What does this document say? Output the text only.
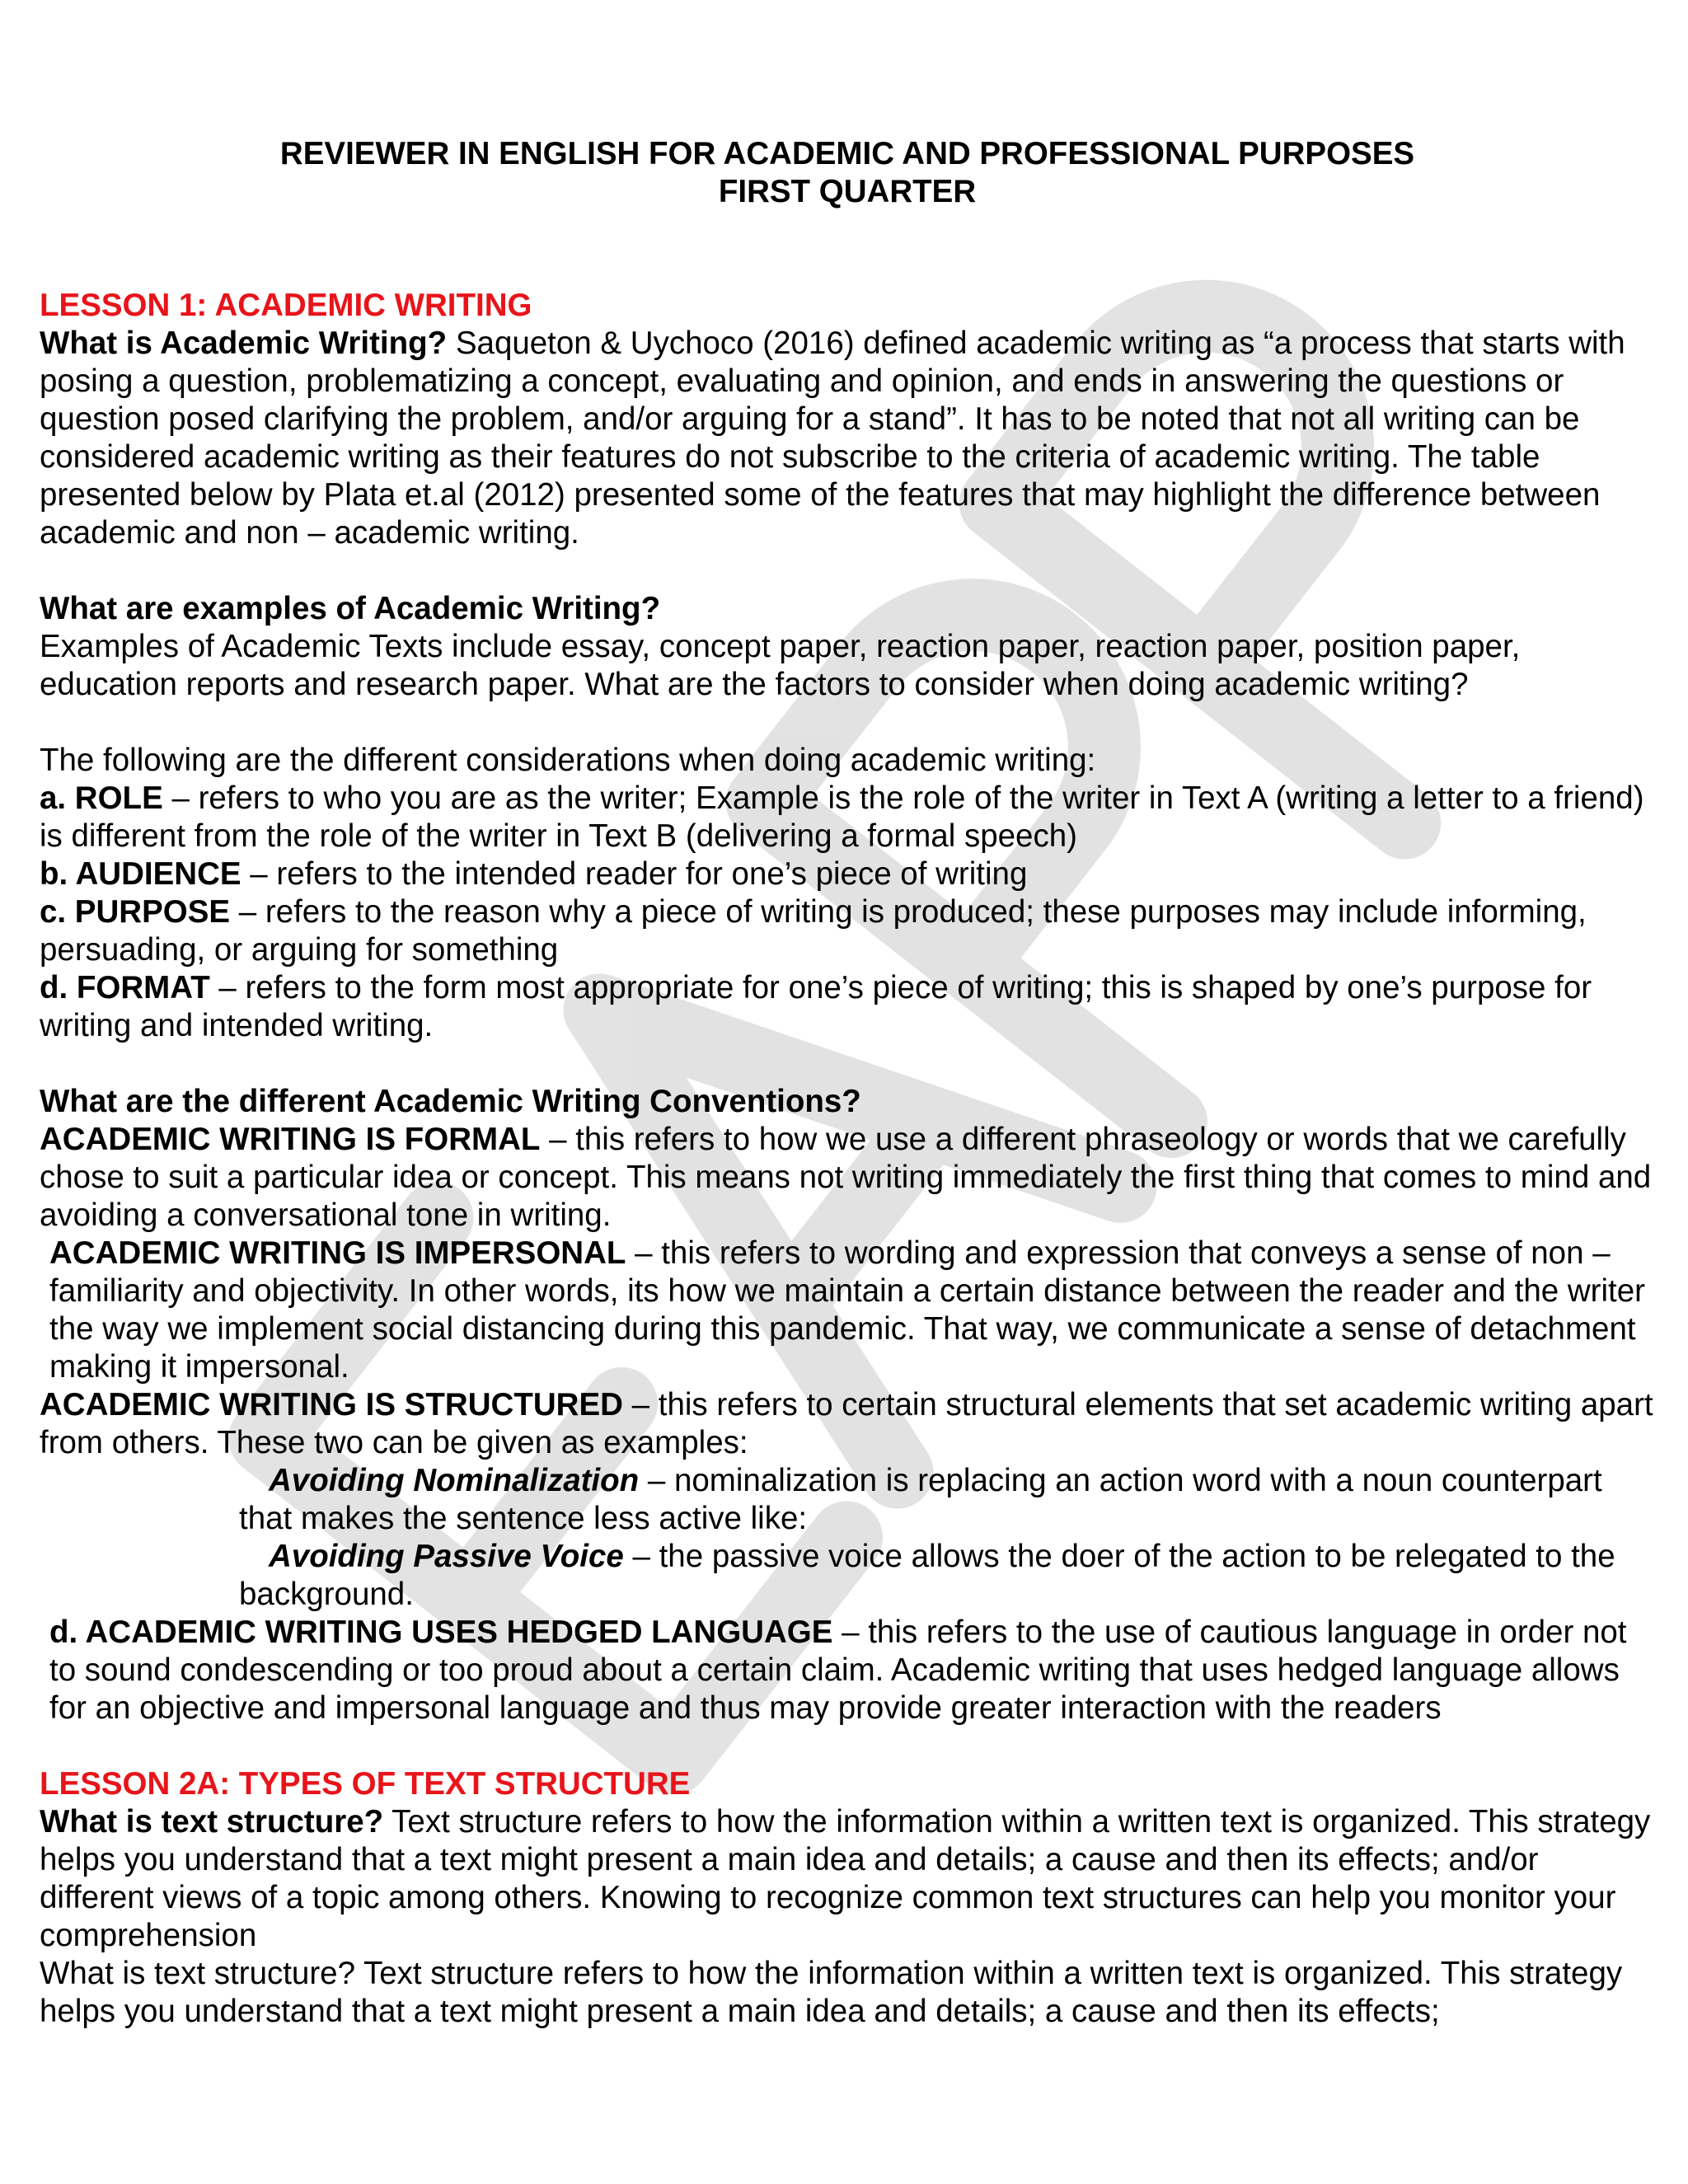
REVIEWER IN ENGLISH FOR ACADEMIC AND PROFESSIONAL PURPOSES
FIRST QUARTER
LESSON 1: ACADEMIC WRITING

What is Academic Writing? Saqueton & Uychoco (2016) defined academic writing as “a process that starts with posing a question, problematizing a concept, evaluating and opinion, and ends in answering the questions or question posed clarifying the problem, and/or arguing for a stand”. It has to be noted that not all writing can be considered academic writing as their features do not subscribe to the criteria of academic writing. The table presented below by Plata et.al (2012) presented some of the features that may highlight the difference between academic and non – academic writing.

What are examples of Academic Writing?

Examples of Academic Texts include essay, concept paper, reaction paper, reaction paper, position paper, education reports and research paper. What are the factors to consider when doing academic writing?

The following are the different considerations when doing academic writing:

a. ROLE – refers to who you are as the writer; Example is the role of the writer in Text A (writing a letter to a friend) is different from the role of the writer in Text B (delivering a formal speech)

b. AUDIENCE – refers to the intended reader for one’s piece of writing

c. PURPOSE – refers to the reason why a piece of writing is produced; these purposes may include informing, persuading, or arguing for something

d. FORMAT – refers to the form most appropriate for one’s piece of writing; this is shaped by one’s purpose for writing and intended writing.

What are the different Academic Writing Conventions?

ACADEMIC WRITING IS FORMAL – this refers to how we use a different phraseology or words that we carefully chose to suit a particular idea or concept. This means not writing immediately the first thing that comes to mind and avoiding a conversational tone in writing.

ACADEMIC WRITING IS IMPERSONAL – this refers to wording and expression that conveys a sense of non – familiarity and objectivity. In other words, its how we maintain a certain distance between the reader and the writer the way we implement social distancing during this pandemic. That way, we communicate a sense of detachment making it impersonal.

ACADEMIC WRITING IS STRUCTURED – this refers to certain structural elements that set academic writing apart from others. These two can be given as examples:

Avoiding Nominalization – nominalization is replacing an action word with a noun counterpart that makes the sentence less active like:

Avoiding Passive Voice – the passive voice allows the doer of the action to be relegated to the background.

d. ACADEMIC WRITING USES HEDGED LANGUAGE – this refers to the use of cautious language in order not to sound condescending or too proud about a certain claim. Academic writing that uses hedged language allows for an objective and impersonal language and thus may provide greater interaction with the readers

LESSON 2A: TYPES OF TEXT STRUCTURE

What is text structure? Text structure refers to how the information within a written text is organized. This strategy helps you understand that a text might present a main idea and details; a cause and then its effects; and/or different views of a topic among others. Knowing to recognize common text structures can help you monitor your comprehension

What is text structure? Text structure refers to how the information within a written text is organized. This strategy helps you understand that a text might present a main idea and details; a cause and then its effects;
